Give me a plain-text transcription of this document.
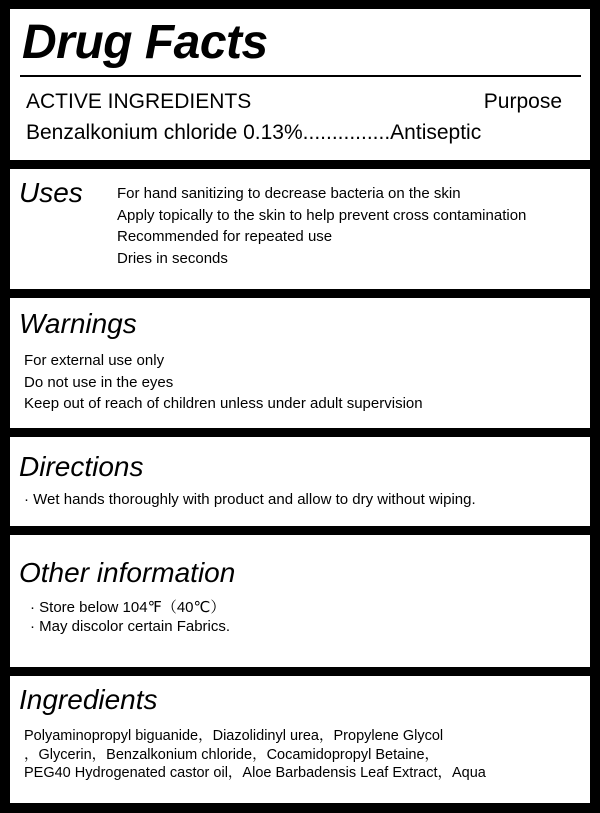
Drug Facts
ACTIVE INGREDIENTS	Purpose
Benzalkonium chloride 0.13%...............Antiseptic
Uses For hand sanitizing to decrease bacteria on the skin
Apply topically to the skin to help prevent cross contamination
Recommended for repeated use
Dries in seconds
Warnings
For external use only
Do not use in the eyes
Keep out of reach of children unless under adult supervision
Directions
· Wet hands thoroughly with product and allow to dry without wiping.
Other information
· Store below 104℉（40℃）
· May discolor certain Fabrics.
Ingredients
Polyaminopropyl biguanide，Diazolidinyl urea，Propylene Glycol
，Glycerin，Benzalkonium chloride，Cocamidopropyl Betaine，
PEG40 Hydrogenated castor oil，Aloe Barbadensis Leaf Extract，Aqua
